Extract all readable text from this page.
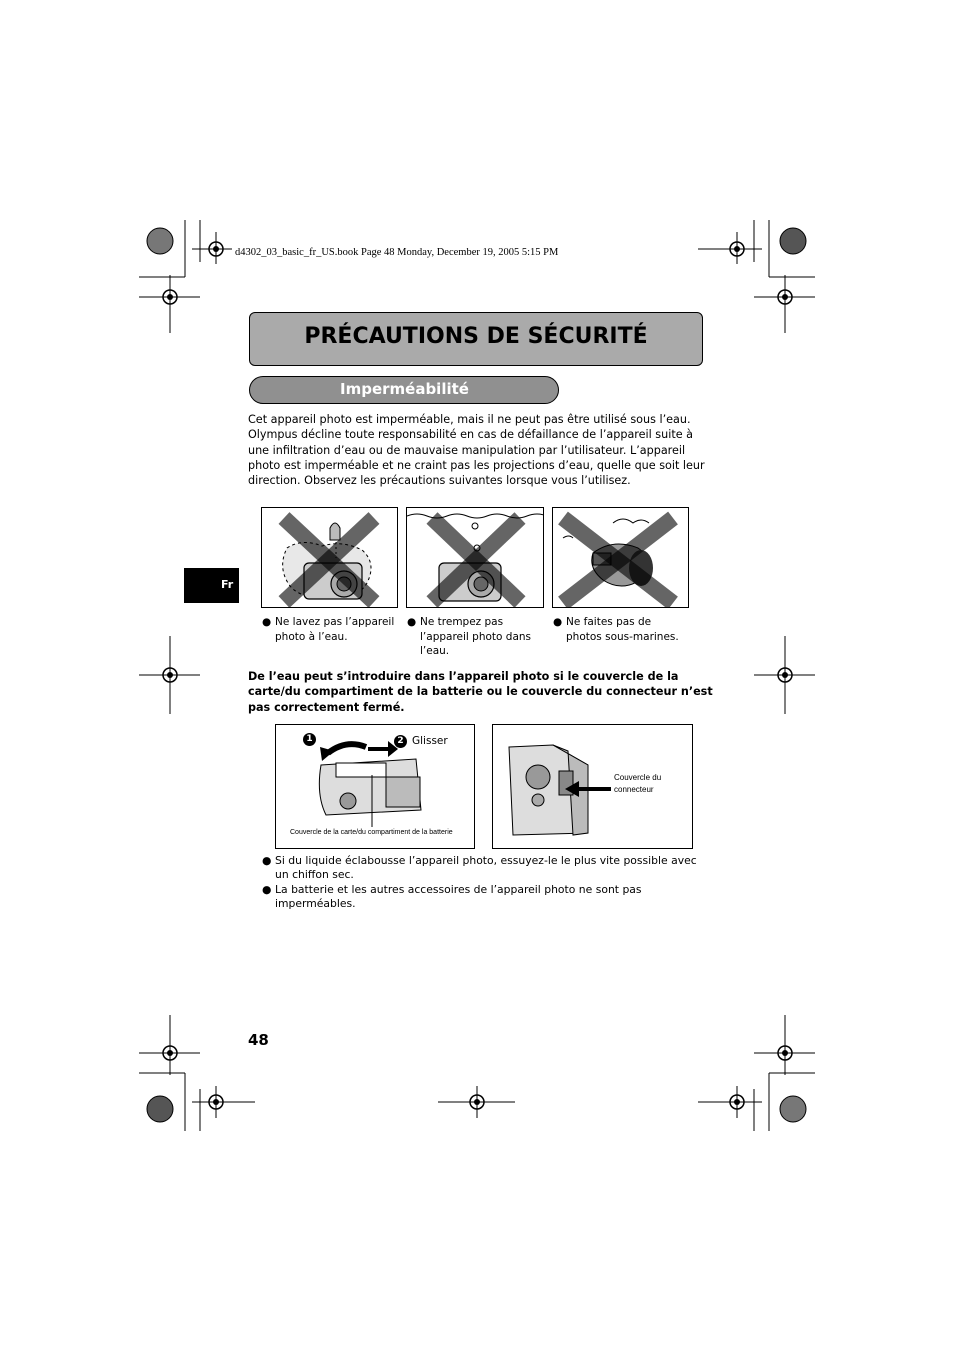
d4302_03_basic_fr_US.book Page 48 Monday, December 19, 2005 5:15 PM
PRÉCAUTIONS DE SÉCURITÉ
Imperméabilité
Cet appareil photo est imperméable, mais il ne peut pas être utilisé sous l’eau. Olympus décline toute responsabilité en cas de défaillance de l’appareil suite à une infiltration d’eau ou de mauvaise manipulation par l’utilisateur. L’appareil photo est imperméable et ne craint pas les projections d’eau, quelle que soit leur direction. Observez les précautions suivantes lorsque vous l’utilisez.
Fr
● Ne lavez pas l’appareil photo à l’eau.
● Ne trempez pas l’appareil photo dans l’eau.
● Ne faites pas de photos sous-marines.
De l’eau peut s’introduire dans l’appareil photo si le couvercle de la carte/du compartiment de la batterie ou le couvercle du connecteur n’est pas correctement fermé.
1	2 Glisser
Couvercle de la carte/du compartiment de la batterie
Couvercle du connecteur
● Si du liquide éclabousse l’appareil photo, essuyez-le le plus vite possible avec un chiffon sec.
● La batterie et les autres accessoires de l’appareil photo ne sont pas imperméables.
48
